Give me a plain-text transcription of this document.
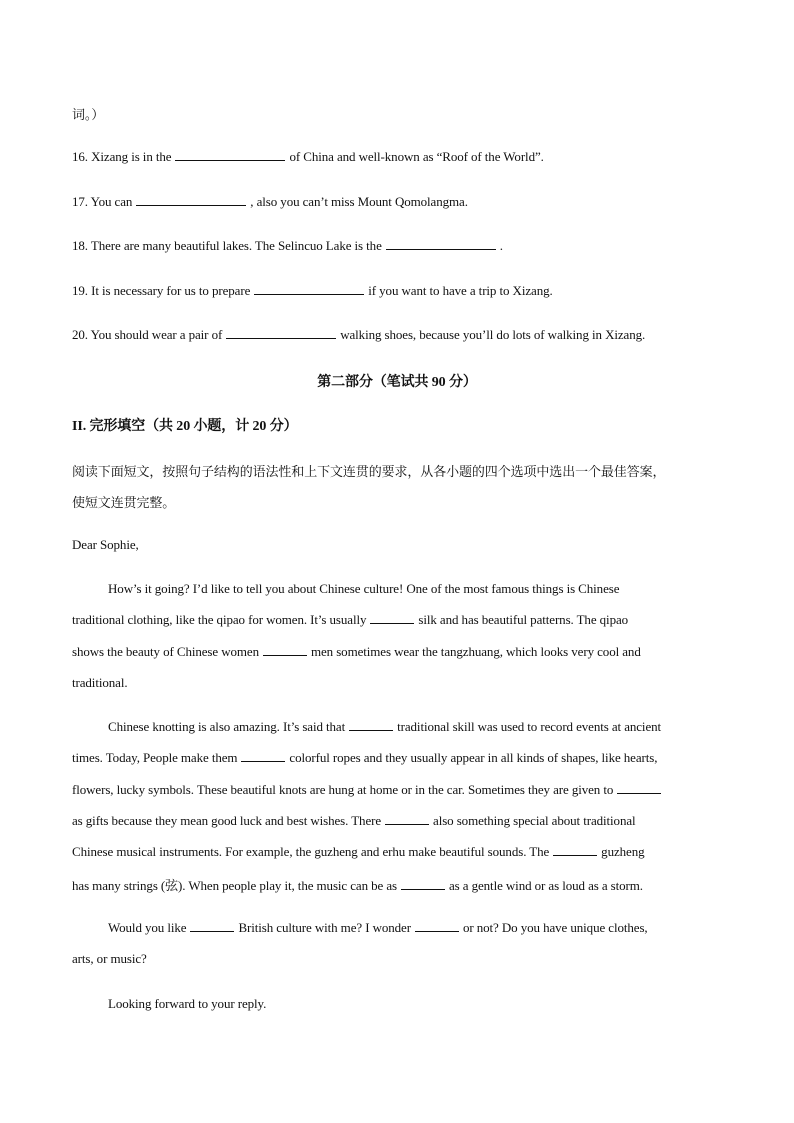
词。）
16. Xizang is in the	of China and well-known as “Roof of the World”.
17. You can	, also you can’t miss Mount Qomolangma.
18. There are many beautiful lakes. The Selincuo Lake is the	.
19. It is necessary for us to prepare	if you want to have a trip to Xizang.
20. You should wear a pair of	walking shoes, because you’ll do lots of walking in Xizang.
第二部分（笔试共 90 分）
II. 完形填空（共 20 小题，计 20 分）
阅读下面短文，按照句子结构的语法性和上下文连贯的要求，从各小题的四个选项中选出一个最佳答案，
使短文连贯完整。
Dear Sophie,
How’s it going? I’d like to tell you about Chinese culture! One of the most famous things is Chinese
traditional clothing, like the qipao for women. It’s usually	silk and has beautiful patterns. The qipao
shows the beauty of Chinese women	men sometimes wear the tangzhuang, which looks very cool and
traditional.
Chinese knotting is also amazing. It’s said that	traditional skill was used to record events at ancient
times. Today, People make them	colorful ropes and they usually appear in all kinds of shapes, like hearts,
flowers, lucky symbols. These beautiful knots are hung at home or in the car. Sometimes they are given to
as gifts because they mean good luck and best wishes. There	also something special about traditional
Chinese musical instruments. For example, the guzheng and erhu make beautiful sounds. The	guzheng
has many strings (弦). When people play it, the music can be as	as a gentle wind or as loud as a storm.
Would you like	British culture with me? I wonder	or not? Do you have unique clothes,
arts, or music?
Looking forward to your reply.
